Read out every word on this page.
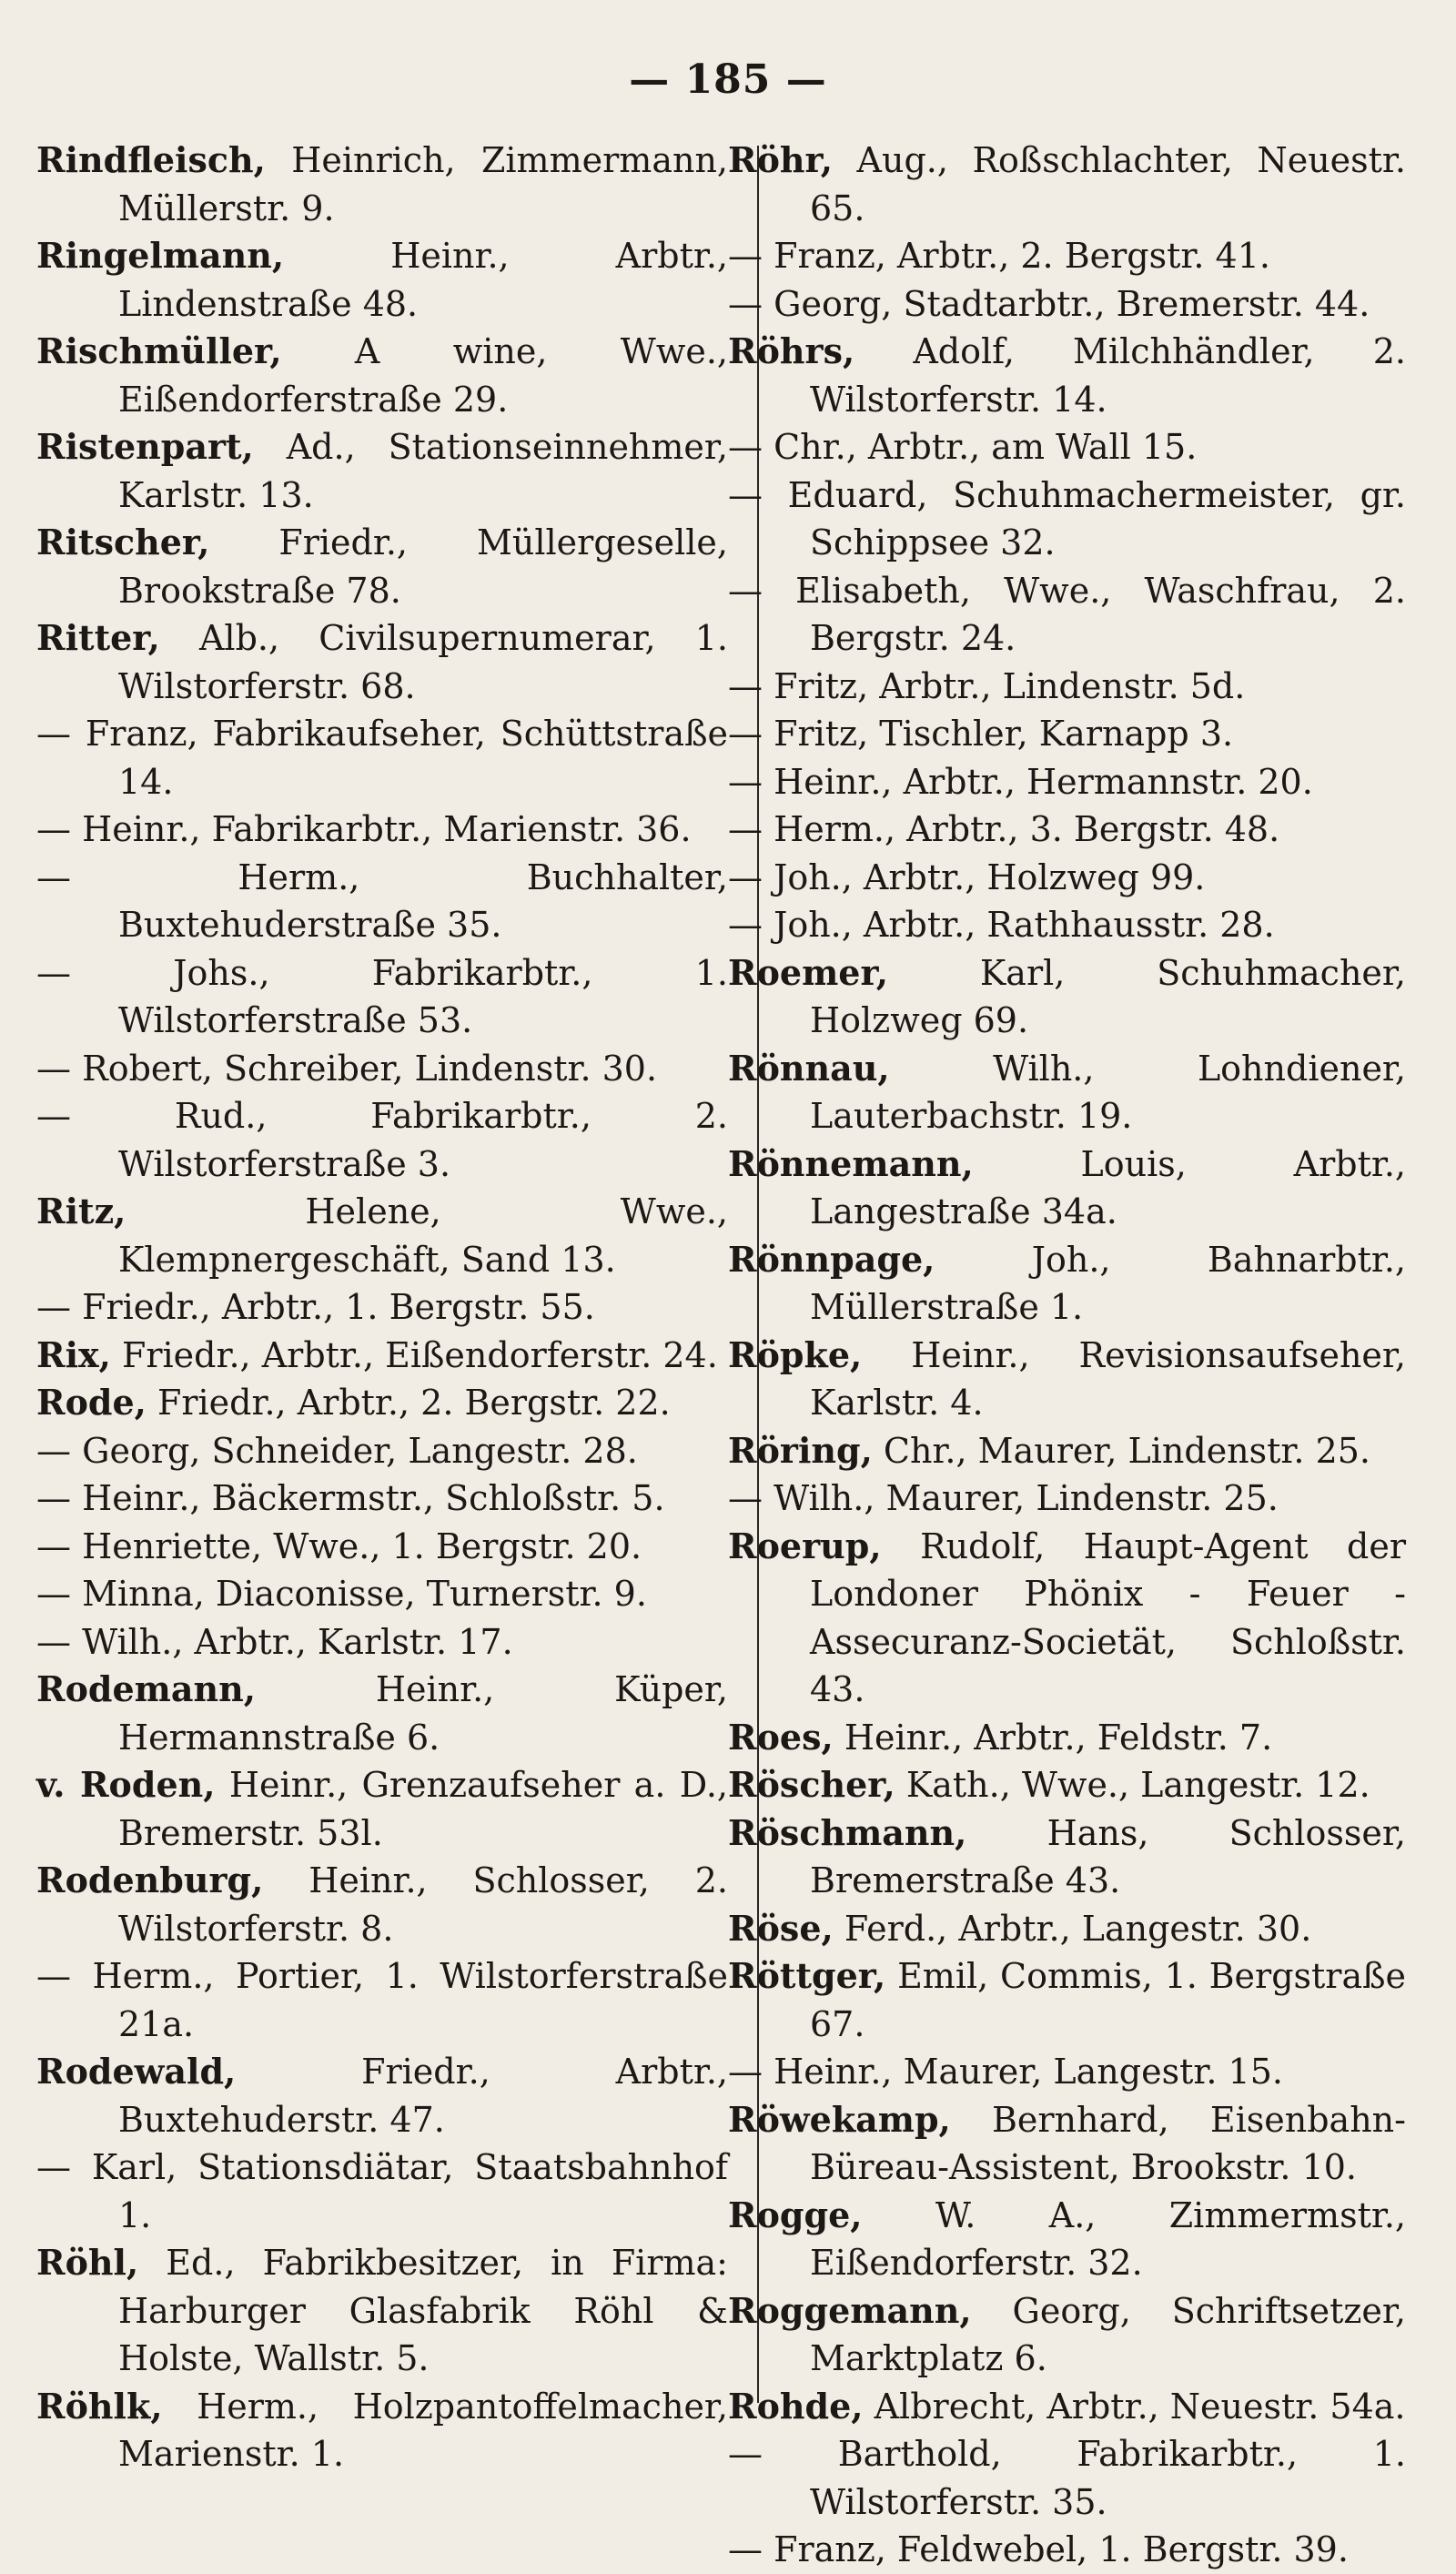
— 185 —
Rindfleisch, Heinrich, Zimmermann, Müllerstr. 9.
Ringelmann, Heinr., Arbtr., Lindenstraße 48.
Rischmüller, A wine, Wwe., Eißendorferstraße 29.
Ristenpart, Ad., Stationseinnehmer, Karlstr. 13.
Ritscher, Friedr., Müllergeselle, Brookstraße 78.
Ritter, Alb., Civilsupernumerar, 1. Wilstorferstr. 68.
— Franz, Fabrikaufseher, Schüttstraße 14.
— Heinr., Fabrikarbtr., Marienstr. 36.
— Herm., Buchhalter, Buxtehuderstraße 35.
— Johs., Fabrikarbtr., 1. Wilstorferstraße 53.
— Robert, Schreiber, Lindenstr. 30.
— Rud., Fabrikarbtr., 2. Wilstorferstraße 3.
Ritz, Helene, Wwe., Klempnergeschäft, Sand 13.
— Friedr., Arbtr., 1. Bergstr. 55.
Rix, Friedr., Arbtr., Eißendorferstr. 24.
Rode, Friedr., Arbtr., 2. Bergstr. 22.
— Georg, Schneider, Langestr. 28.
— Heinr., Bäckermstr., Schloßstr. 5.
— Henriette, Wwe., 1. Bergstr. 20.
— Minna, Diaconisse, Turnerstr. 9.
— Wilh., Arbtr., Karlstr. 17.
Rodemann, Heinr., Küper, Hermannstraße 6.
v. Roden, Heinr., Grenzaufseher a. D., Bremerstr. 53l.
Rodenburg, Heinr., Schlosser, 2. Wilstorferstr. 8.
— Herm., Portier, 1. Wilstorferstraße 21a.
Rodewald, Friedr., Arbtr., Buxtehuderstr. 47.
— Karl, Stationsdiätar, Staatsbahnhof 1.
Röhl, Ed., Fabrikbesitzer, in Firma: Harburger Glasfabrik Röhl & Holste, Wallstr. 5.
Röhlk, Herm., Holzpantoffelmacher, Marienstr. 1.
Röhr, Aug., Roßschlachter, Neuestr. 65.
— Franz, Arbtr., 2. Bergstr. 41.
— Georg, Stadtarbtr., Bremerstr. 44.
Röhrs, Adolf, Milchhändler, 2. Wilstorferstr. 14.
— Chr., Arbtr., am Wall 15.
— Eduard, Schuhmachermeister, gr. Schippsee 32.
— Elisabeth, Wwe., Waschfrau, 2. Bergstr. 24.
— Fritz, Arbtr., Lindenstr. 5d.
— Fritz, Tischler, Karnapp 3.
— Heinr., Arbtr., Hermannstr. 20.
— Herm., Arbtr., 3. Bergstr. 48.
— Joh., Arbtr., Holzweg 99.
— Joh., Arbtr., Rathhausstr. 28.
Roemer, Karl, Schuhmacher, Holzweg 69.
Rönnau, Wilh., Lohndiener, Lauterbachstr. 19.
Rönnemann, Louis, Arbtr., Langestraße 34a.
Rönnpage, Joh., Bahnarbtr., Müllerstraße 1.
Röpke, Heinr., Revisionsaufseher, Karlstr. 4.
Röring, Chr., Maurer, Lindenstr. 25.
— Wilh., Maurer, Lindenstr. 25.
Roerup, Rudolf, Haupt-Agent der Londoner Phönix - Feuer - Assecuranz-Societät, Schloßstr. 43.
Roes, Heinr., Arbtr., Feldstr. 7.
Röscher, Kath., Wwe., Langestr. 12.
Röschmann, Hans, Schlosser, Bremerstraße 43.
Röse, Ferd., Arbtr., Langestr. 30.
Röttger, Emil, Commis, 1. Bergstraße 67.
— Heinr., Maurer, Langestr. 15.
Röwekamp, Bernhard, Eisenbahn-Büreau-Assistent, Brookstr. 10.
Rogge, W. A., Zimmermstr., Eißendorferstr. 32.
Roggemann, Georg, Schriftsetzer, Marktplatz 6.
Rohde, Albrecht, Arbtr., Neuestr. 54a.
— Barthold, Fabrikarbtr., 1. Wilstorferstr. 35.
— Franz, Feldwebel, 1. Bergstr. 39.
